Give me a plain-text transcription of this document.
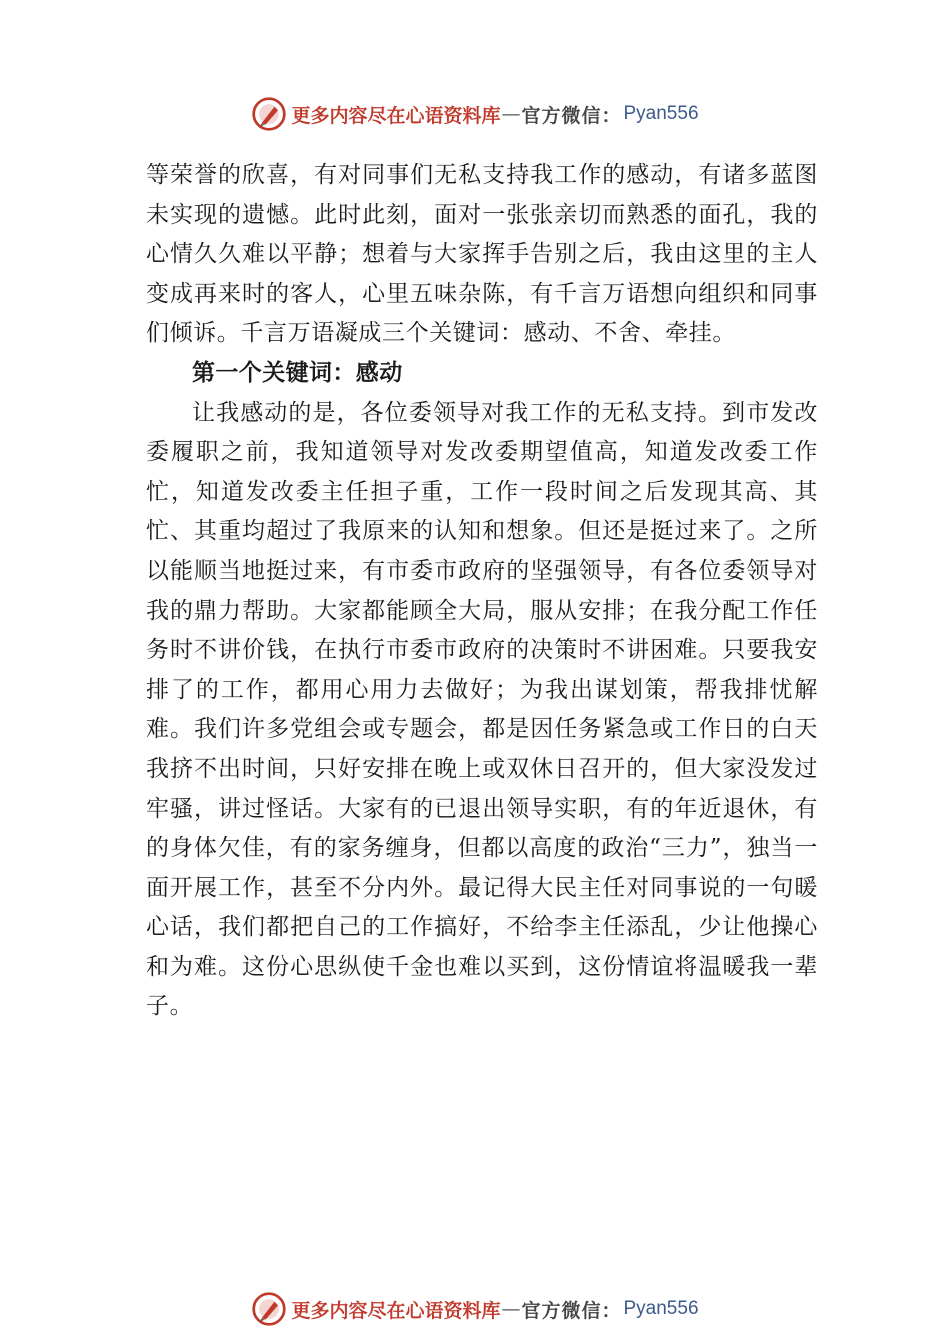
更多内容尽在心语资料库 — 官方微信： Pyan556

等荣誉的欣喜，有对同事们无私支持我工作的感动，有诸多蓝图未实现的遗憾。此时此刻，面对一张张亲切而熟悉的面孔，我的心情久久难以平静；想着与大家挥手告别之后，我由这里的主人变成再来时的客人，心里五味杂陈，有千言万语想向组织和同事们倾诉。千言万语凝成三个关键词：感动、不舍、牵挂。

第一个关键词：感动

让我感动的是，各位委领导对我工作的无私支持。到市发改委履职之前，我知道领导对发改委期望值高，知道发改委工作忙，知道发改委主任担子重，工作一段时间之后发现其高、其忙、其重均超过了我原来的认知和想象。但还是挺过来了。之所以能顺当地挺过来，有市委市政府的坚强领导，有各位委领导对我的鼎力帮助。大家都能顾全大局，服从安排；在我分配工作任务时不讲价钱，在执行市委市政府的决策时不讲困难。只要我安排了的工作，都用心用力去做好；为我出谋划策，帮我排忧解难。我们许多党组会或专题会，都是因任务紧急或工作日的白天我挤不出时间，只好安排在晚上或双休日召开的，但大家没发过牢骚，讲过怪话。大家有的已退出领导实职，有的年近退休，有的身体欠佳，有的家务缠身，但都以高度的政治“三力”，独当一面开展工作，甚至不分内外。最记得大民主任对同事说的一句暖心话，我们都把自己的工作搞好，不给李主任添乱，少让他操心和为难。这份心思纵使千金也难以买到，这份情谊将温暖我一辈子。

更多内容尽在心语资料库 — 官方微信： Pyan556
